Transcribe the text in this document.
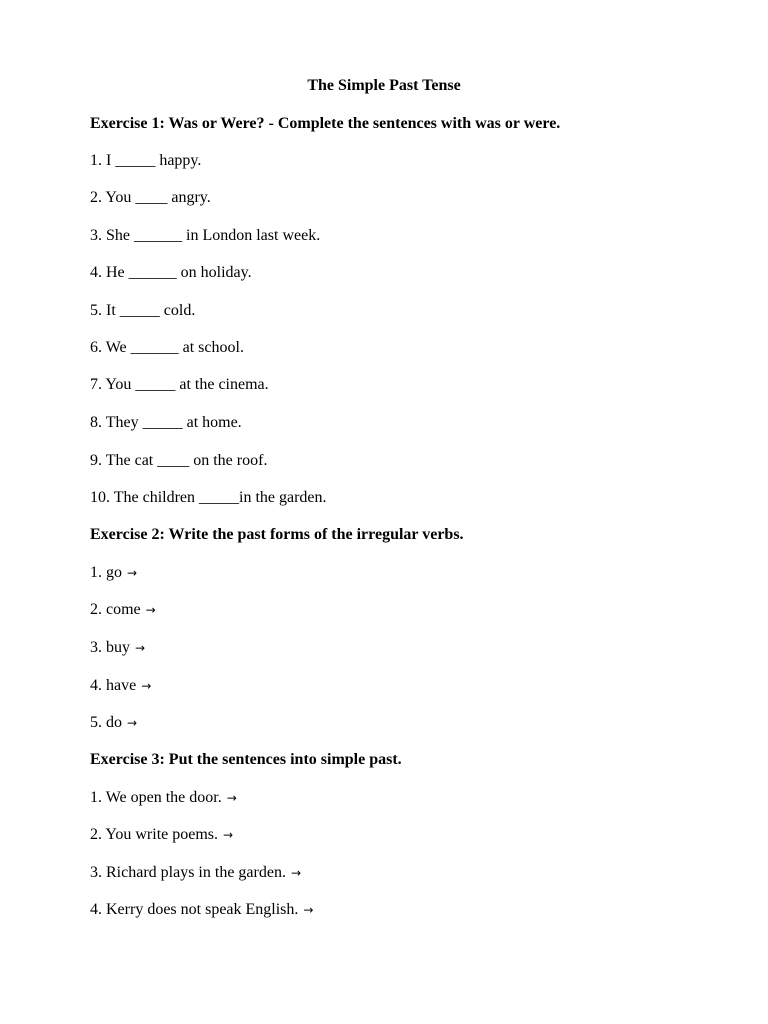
The Simple Past Tense
Exercise 1: Was or Were? - Complete the sentences with was or were.
1. I _____ happy.
2. You ____ angry.
3. She ______ in London last week.
4. He ______ on holiday.
5. It _____ cold.
6. We ______ at school.
7. You _____ at the cinema.
8. They _____ at home.
9. The cat ____ on the roof.
10. The children _____in the garden.
Exercise 2: Write the past forms of the irregular verbs.
1. go →
2. come →
3. buy →
4. have →
5. do →
Exercise 3: Put the sentences into simple past.
1. We open the door. →
2. You write poems. →
3. Richard plays in the garden. →
4. Kerry does not speak English. →
